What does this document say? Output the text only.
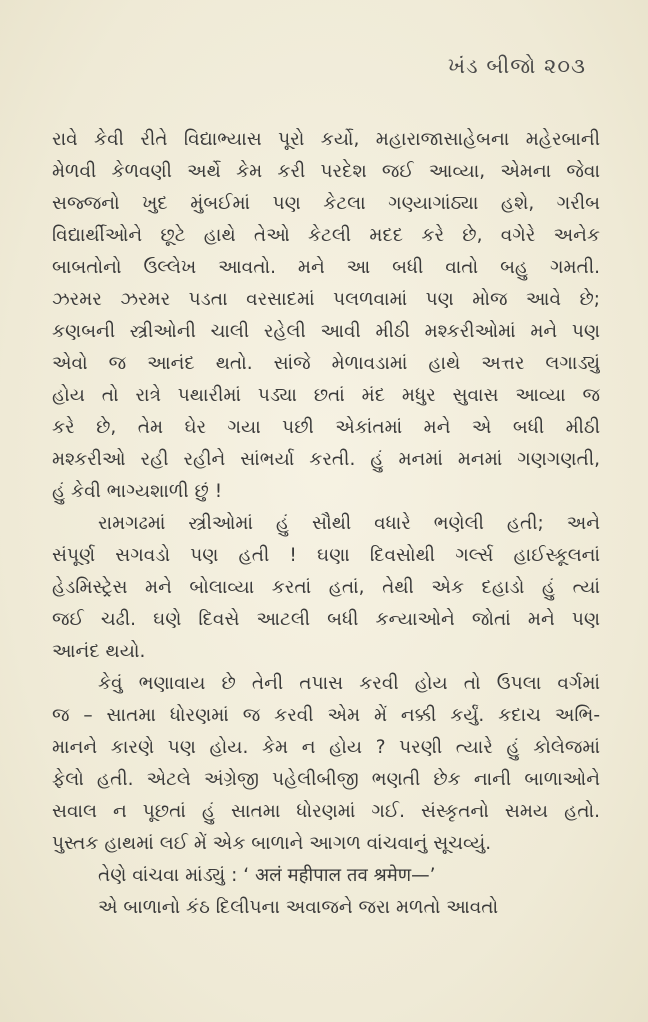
ખંડ બીજો ૨૦૩
રાવે કેવી રીતે વિદ્યાભ્યાસ પૂરો કર્યો, મહારાજાસાહેબના મહેરબાની
મેળવી કેળવણી અર્થે કેમ કરી પરદેશ જઈ આવ્યા, એમના જેવા
સજ્જનો ખુદ મુંબઈમાં પણ કેટલા ગણ્યાગાંઠ્યા હશે, ગરીબ
વિદ્યાર્થીઓને છૂટે હાથે તેઓ કેટલી મદદ કરે છે, વગેરે અનેક
બાબતોનો ઉલ્લેખ આવતો. મને આ બધી વાતો બહુ ગમતી.
ઝરમર ઝરમર પડતા વરસાદમાં પલળવામાં પણ મોજ આવે છે;
કણબની સ્ત્રીઓની ચાલી રહેલી આવી મીઠી મશ્કરીઓમાં મને પણ
એવો જ આનંદ થતો. સાંજે મેળાવડામાં હાથે અત્તર લગાડ્યું
હોય તો રાત્રે પથારીમાં પડ્યા છતાં મંદ મધુર સુવાસ આવ્યા જ
કરે છે, તેમ ઘેર ગયા પછી એકાંતમાં મને એ બધી મીઠી
મશ્કરીઓ રહી રહીને સાંભર્યા કરતી. હું મનમાં મનમાં ગણગણતી,
હું કેવી ભાગ્યશાળી છું !
રામગઢમાં સ્ત્રીઓમાં હું સૌથી વધારે ભણેલી હતી; અને
સંપૂર્ણ સગવડો પણ હતી ! ઘણા દિવસોથી ગર્લ્સ હાઈસ્કૂલનાં
હેડમિસ્ટ્રેસ મને બોલાવ્યા કરતાં હતાં, તેથી એક દહાડો હું ત્યાં
જઈ ચઢી. ઘણે દિવસે આટલી બધી કન્યાઓને જોતાં મને પણ
આનંદ થયો.
કેવું ભણાવાય છે તેની તપાસ કરવી હોય તો ઉપલા વર્ગમાં
જ – સાતમા ધોરણમાં જ કરવી એમ મેં નક્કી કર્યું. કદાચ અભિ-
માનને કારણે પણ હોય. કેમ ન હોય ? પરણી ત્યારે હું કોલેજમાં
ફેલો હતી. એટલે અંગ્રેજી પહેલીબીજી ભણતી છેક નાની બાળાઓને
સવાલ ન પૂછતાં હું સાતમા ધોરણમાં ગઈ. સંસ્કૃતનો સમય હતો.
પુસ્તક હાથમાં લઈ મેં એક બાળાને આગળ વાંચવાનું સૂચવ્યું.
તેણે વાંચવા માંડ્યું : ‘ अलं महीपाल तव श्रमेण—’
એ બાળાનો કંઠ દિલીપના અવાજને જરા મળતો આવતો
